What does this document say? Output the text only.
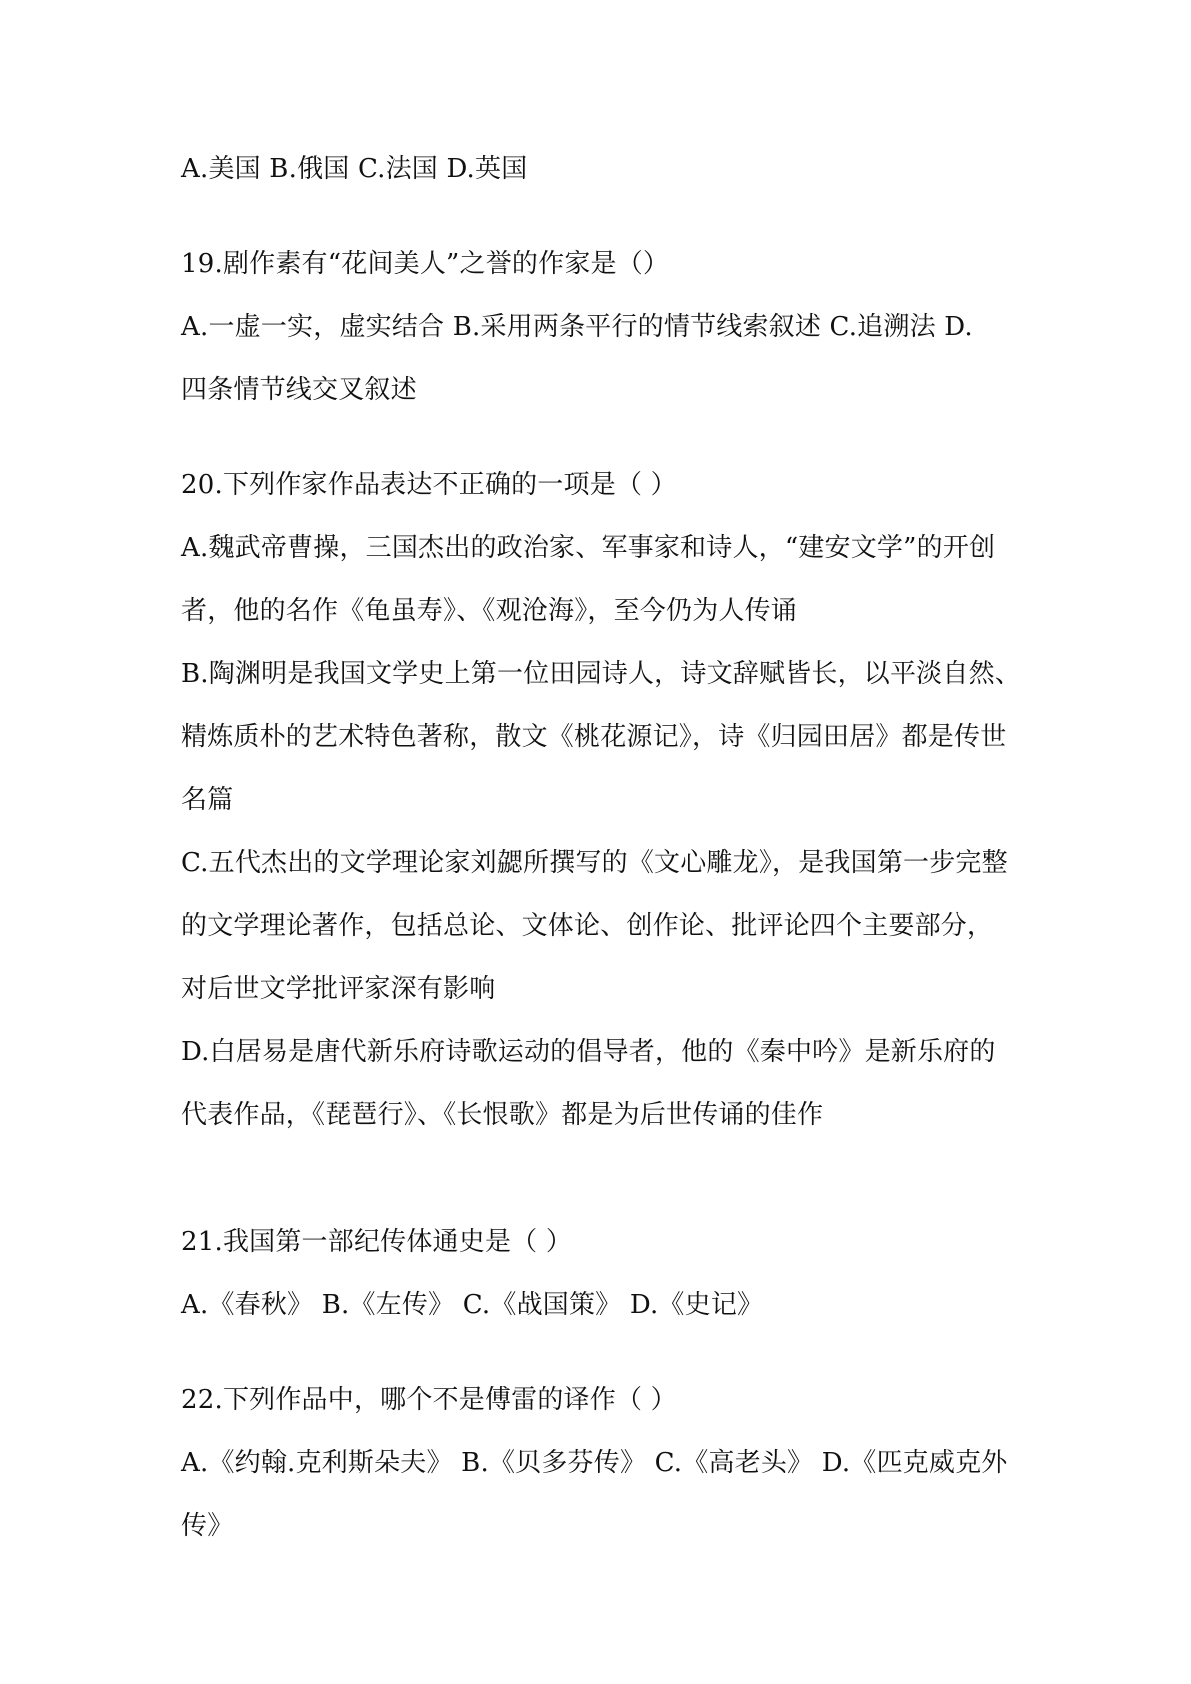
A.美国 B.俄国 C.法国 D.英国

19.剧作素有“花间美人”之誉的作家是（）

A.一虚一实，虚实结合 B.采用两条平行的情节线索叙述 C.追溯法 D.

四条情节线交叉叙述

20.下列作家作品表达不正确的一项是（ ）

A.魏武帝曹操，三国杰出的政治家、军事家和诗人，“建安文学”的开创

者，他的名作《龟虽寿》、《观沧海》，至今仍为人传诵

B.陶渊明是我国文学史上第一位田园诗人，诗文辞赋皆长，以平淡自然、

精炼质朴的艺术特色著称，散文《桃花源记》，诗《归园田居》都是传世

名篇

C.五代杰出的文学理论家刘勰所撰写的《文心雕龙》，是我国第一步完整

的文学理论著作，包括总论、文体论、创作论、批评论四个主要部分，

对后世文学批评家深有影响

D.白居易是唐代新乐府诗歌运动的倡导者，他的《秦中吟》是新乐府的

代表作品，《琵琶行》、《长恨歌》都是为后世传诵的佳作

21.我国第一部纪传体通史是（ ）

A.《春秋》 B.《左传》 C.《战国策》 D.《史记》

22.下列作品中，哪个不是傅雷的译作（ ）

A.《约翰.克利斯朵夫》 B.《贝多芬传》 C.《高老头》 D.《匹克威克外

传》
